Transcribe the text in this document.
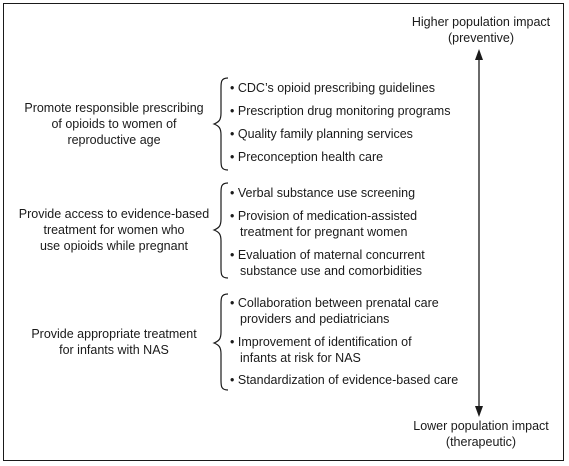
Higher population impact
(preventive)
Lower population impact
(therapeutic)
Promote responsible prescribing
of opioids to women of
reproductive age
• CDC’s opioid prescribing guidelines
• Prescription drug monitoring programs
• Quality family planning services
• Preconception health care
Provide access to evidence-based
treatment for women who
use opioids while pregnant
• Verbal substance use screening
• Provision of medication-assisted
treatment for pregnant women
• Evaluation of maternal concurrent
substance use and comorbidities
Provide appropriate treatment
for infants with NAS
• Collaboration between prenatal care
providers and pediatricians
• Improvement of identification of
infants at risk for NAS
• Standardization of evidence-based care
